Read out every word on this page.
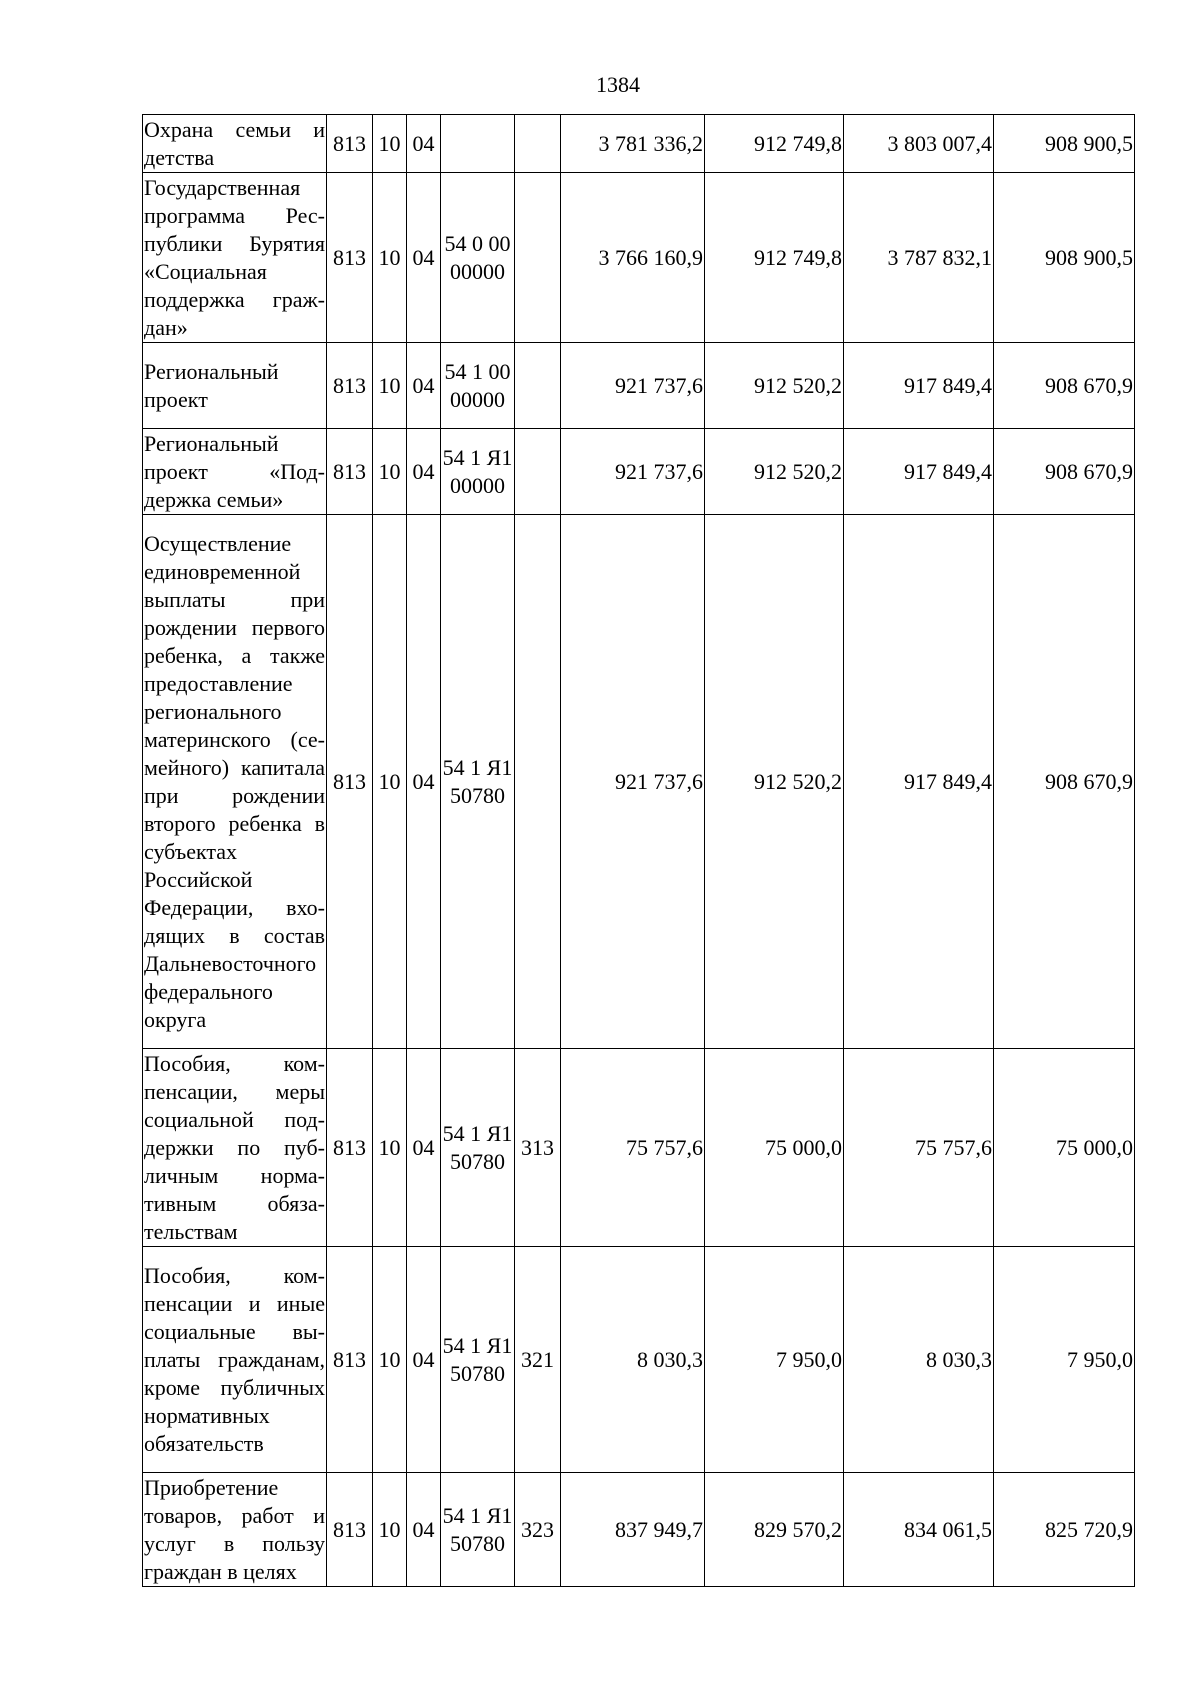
1384
Охрана семьи и детства	813	10	04			3 781 336,2	912 749,8	3 803 007,4	908 900,5
Государственная программа Республики Бурятия «Социальная поддержка граждан»	813	10	04	54 0 00 00000		3 766 160,9	912 749,8	3 787 832,1	908 900,5
Региональный проект	813	10	04	54 1 00 00000		921 737,6	912 520,2	917 849,4	908 670,9
Региональный проект «Поддержка семьи»	813	10	04	54 1 Я1 00000		921 737,6	912 520,2	917 849,4	908 670,9
Осуществление единовременной выплаты при рождении первого ребенка, а также предоставление регионального материнского (семейного) капитала при рождении второго ребенка в субъектах Российской Федерации, входящих в состав Дальневосточного федерального округа	813	10	04	54 1 Я1 50780		921 737,6	912 520,2	917 849,4	908 670,9
Пособия, компенсации, меры социальной поддержки по публичным нормативным обязательствам	813	10	04	54 1 Я1 50780	313	75 757,6	75 000,0	75 757,6	75 000,0
Пособия, компенсации и иные социальные выплаты гражданам, кроме публичных нормативных обязательств	813	10	04	54 1 Я1 50780	321	8 030,3	7 950,0	8 030,3	7 950,0
Приобретение товаров, работ и услуг в пользу граждан в целях	813	10	04	54 1 Я1 50780	323	837 949,7	829 570,2	834 061,5	825 720,9
